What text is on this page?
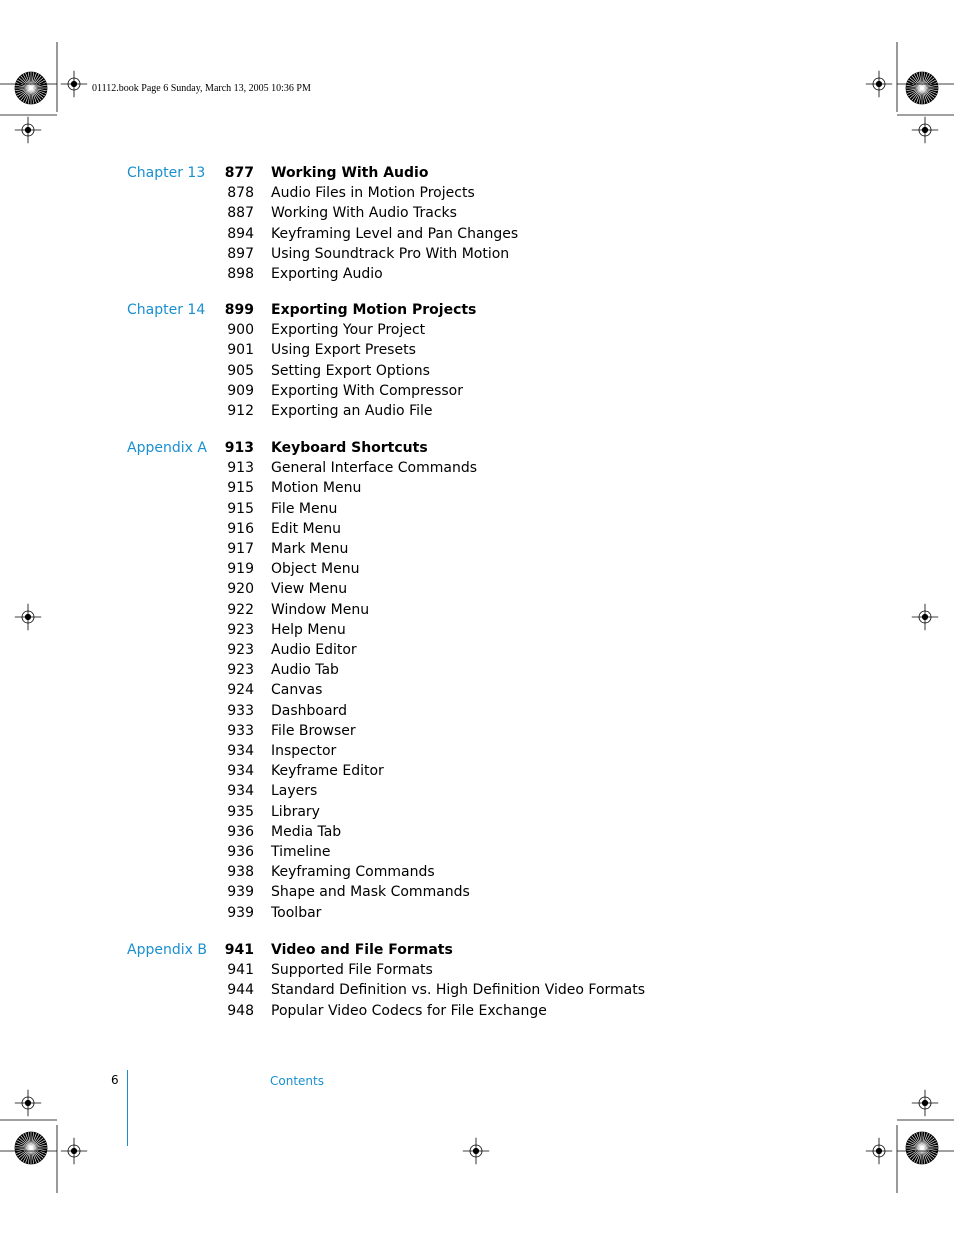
01112.book Page 6 Sunday, March 13, 2005 10:36 PM
Chapter 13	877 Working With Audio
878 Audio Files in Motion Projects
887 Working With Audio Tracks
894 Keyframing Level and Pan Changes
897 Using Soundtrack Pro With Motion
898 Exporting Audio
Chapter 14	899 Exporting Motion Projects
900 Exporting Your Project
901 Using Export Presets
905 Setting Export Options
909 Exporting With Compressor
912 Exporting an Audio File
Appendix A	913 Keyboard Shortcuts
913 General Interface Commands
915 Motion Menu
915 File Menu
916 Edit Menu
917 Mark Menu
919 Object Menu
920 View Menu
922 Window Menu
923 Help Menu
923 Audio Editor
923 Audio Tab
924 Canvas
933 Dashboard
933 File Browser
934 Inspector
934 Keyframe Editor
934 Layers
935 Library
936 Media Tab
936 Timeline
938 Keyframing Commands
939 Shape and Mask Commands
939 Toolbar
Appendix B	941 Video and File Formats
941 Supported File Formats
944 Standard Definition vs. High Definition Video Formats
948 Popular Video Codecs for File Exchange
6	Contents
